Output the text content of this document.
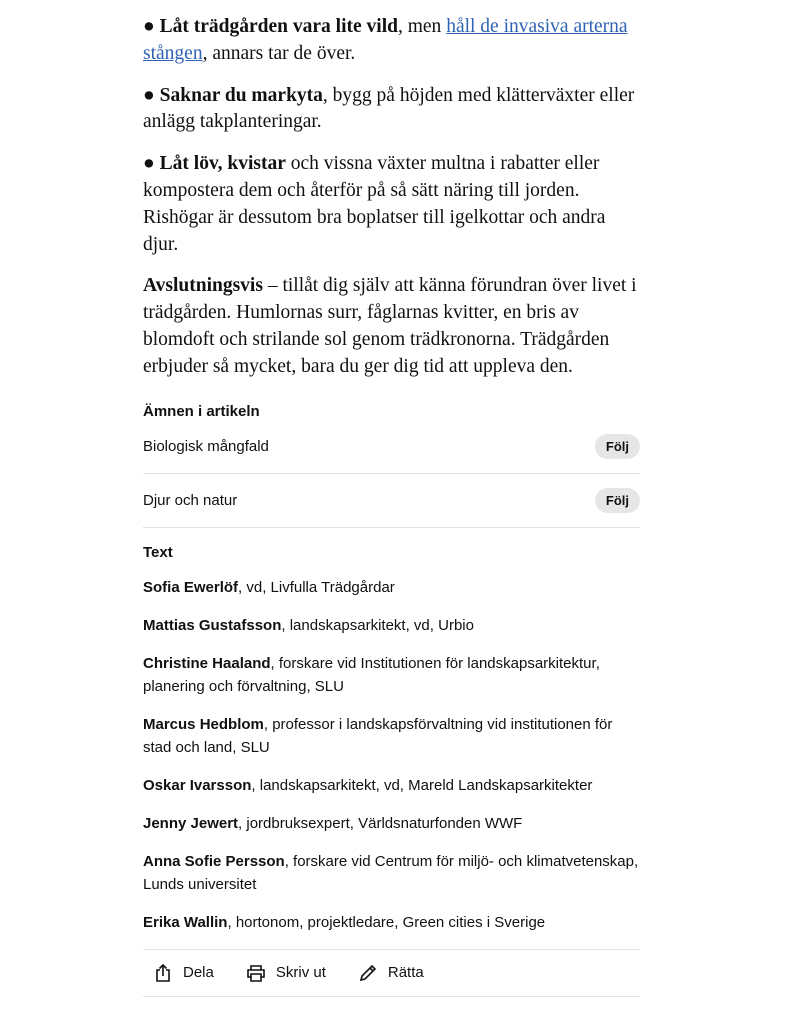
● Låt trädgården vara lite vild, men håll de invasiva arterna stången, annars tar de över.

● Saknar du markyta, bygg på höjden med klätterväxter eller anlägg takplanteringar.

● Låt löv, kvistar och vissna växter multna i rabatter eller kompostera dem och återför på så sätt näring till jorden. Rishögar är dessutom bra boplatser till igelkottar och andra djur.

Avslutningsvis – tillåt dig själv att känna förundran över livet i trädgården. Humlornas surr, fåglarnas kvitter, en bris av blomdoft och strilande sol genom trädkronorna. Trädgården erbjuder så mycket, bara du ger dig tid att uppleva den.

Ämnen i artikeln
Biologisk mångfald	Följ
Djur och natur	Följ
Text
Sofia Ewerlöf, vd, Livfulla Trädgårdar
Mattias Gustafsson, landskapsarkitekt, vd, Urbio
Christine Haaland, forskare vid Institutionen för landskapsarkitektur, planering och förvaltning, SLU
Marcus Hedblom, professor i landskapsförvaltning vid institutionen för stad och land, SLU
Oskar Ivarsson, landskapsarkitekt, vd, Mareld Landskapsarkitekter
Jenny Jewert, jordbruksexpert, Världsnaturfonden WWF
Anna Sofie Persson, forskare vid Centrum för miljö- och klimatvetenskap, Lunds universitet
Erika Wallin, hortonom, projektledare, Green cities i Sverige
Dela	Skriv ut	Rätta
